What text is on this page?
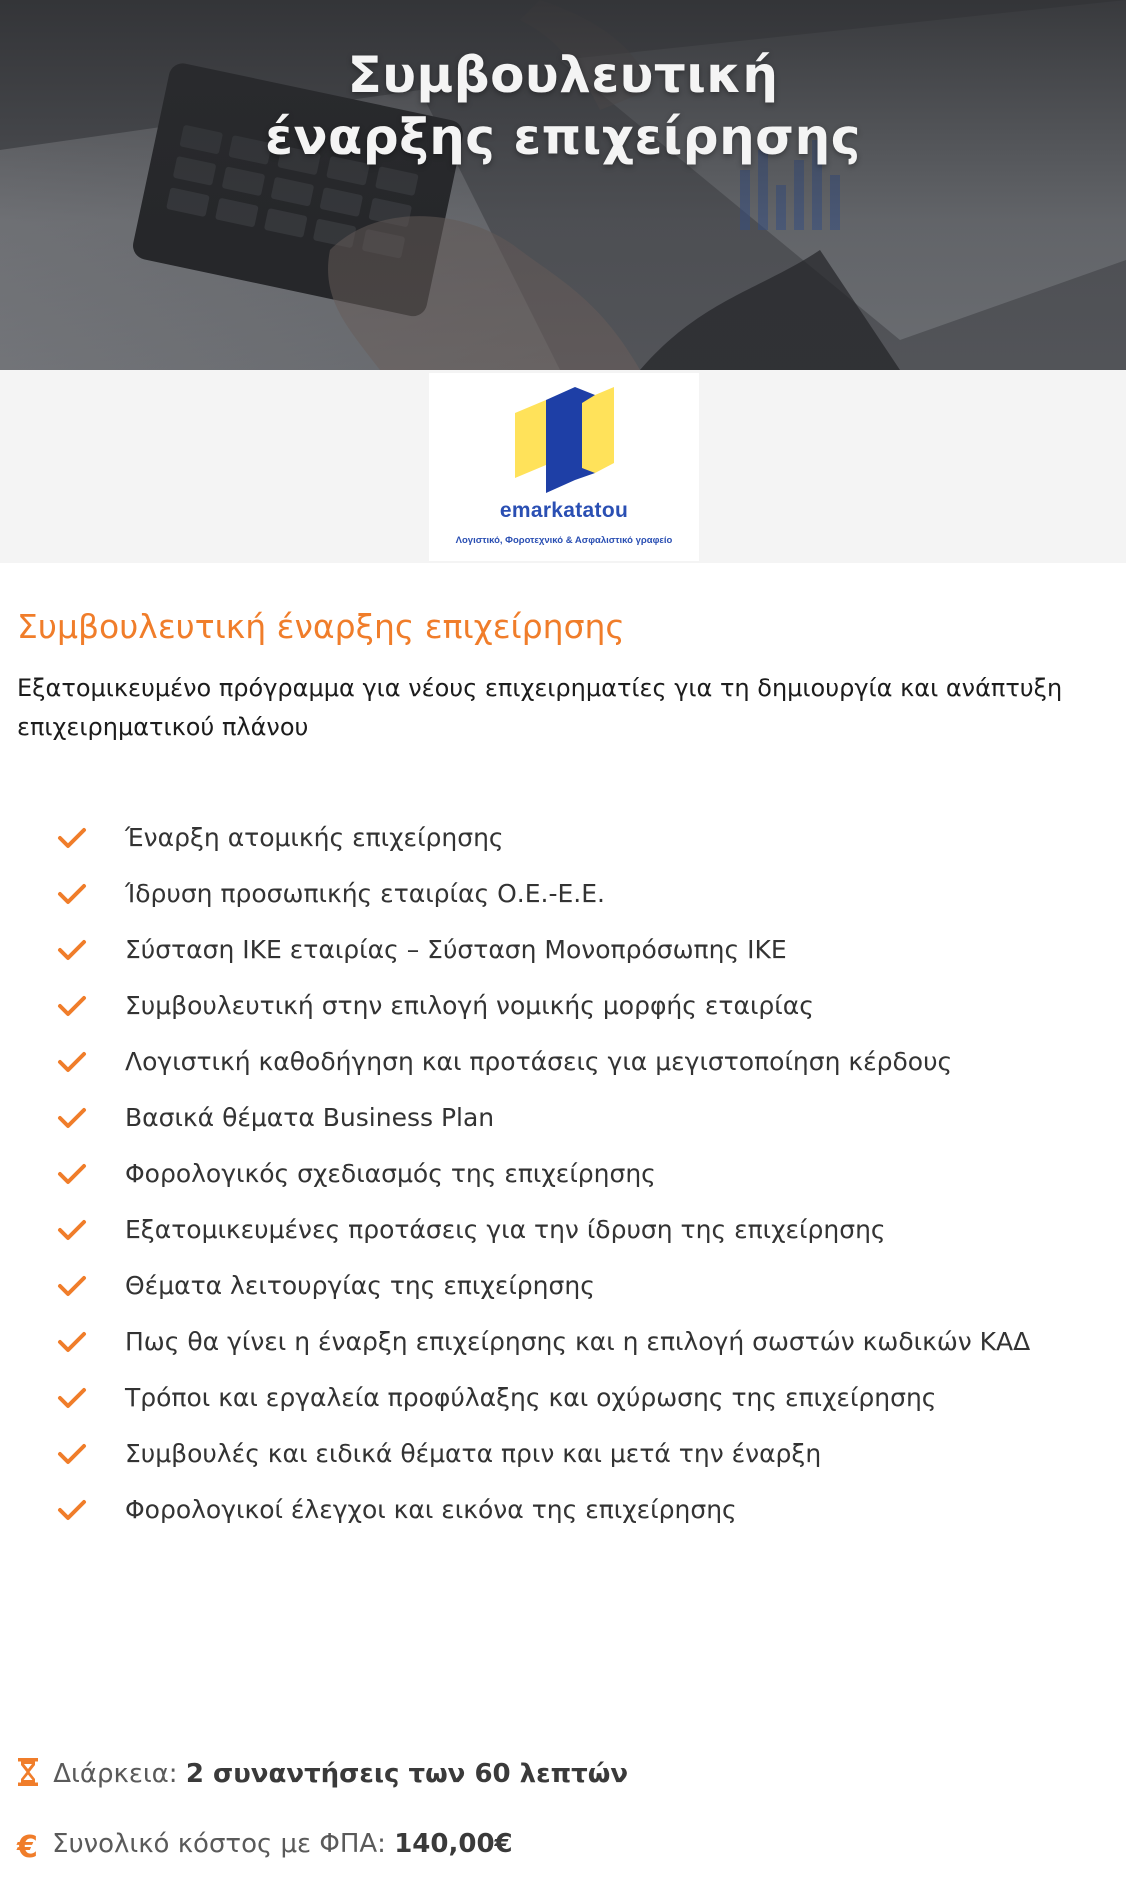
Συμβουλευτική έναρξης επιχείρησης
emarkatatou
Λογιστικό, Φοροτεχνικό & Ασφαλιστικό γραφείο
Συμβουλευτική έναρξης επιχείρησης

Εξατομικευμένο πρόγραμμα για νέους επιχειρηματίες για τη δημιουργία και ανάπτυξη επιχειρηματικού πλάνου

Έναρξη ατομικής επιχείρησης
Ίδρυση προσωπικής εταιρίας Ο.Ε.-Ε.Ε.
Σύσταση ΙΚΕ εταιρίας – Σύσταση Μονοπρόσωπης ΙΚΕ
Συμβουλευτική στην επιλογή νομικής μορφής εταιρίας
Λογιστική καθοδήγηση και προτάσεις για μεγιστοποίηση κέρδους
Βασικά θέματα Business Plan
Φορολογικός σχεδιασμός της επιχείρησης
Εξατομικευμένες προτάσεις για την ίδρυση της επιχείρησης
Θέματα λειτουργίας της επιχείρησης
Πως θα γίνει η έναρξη επιχείρησης και η επιλογή σωστών κωδικών ΚΑΔ
Τρόποι και εργαλεία προφύλαξης και οχύρωσης της επιχείρησης
Συμβουλές και ειδικά θέματα πριν και μετά την έναρξη
Φορολογικοί έλεγχοι και εικόνα της επιχείρησης
Διάρκεια: 2 συναντήσεις των 60 λεπτών
€ Συνολικό κόστος με ΦΠΑ: 140,00€
